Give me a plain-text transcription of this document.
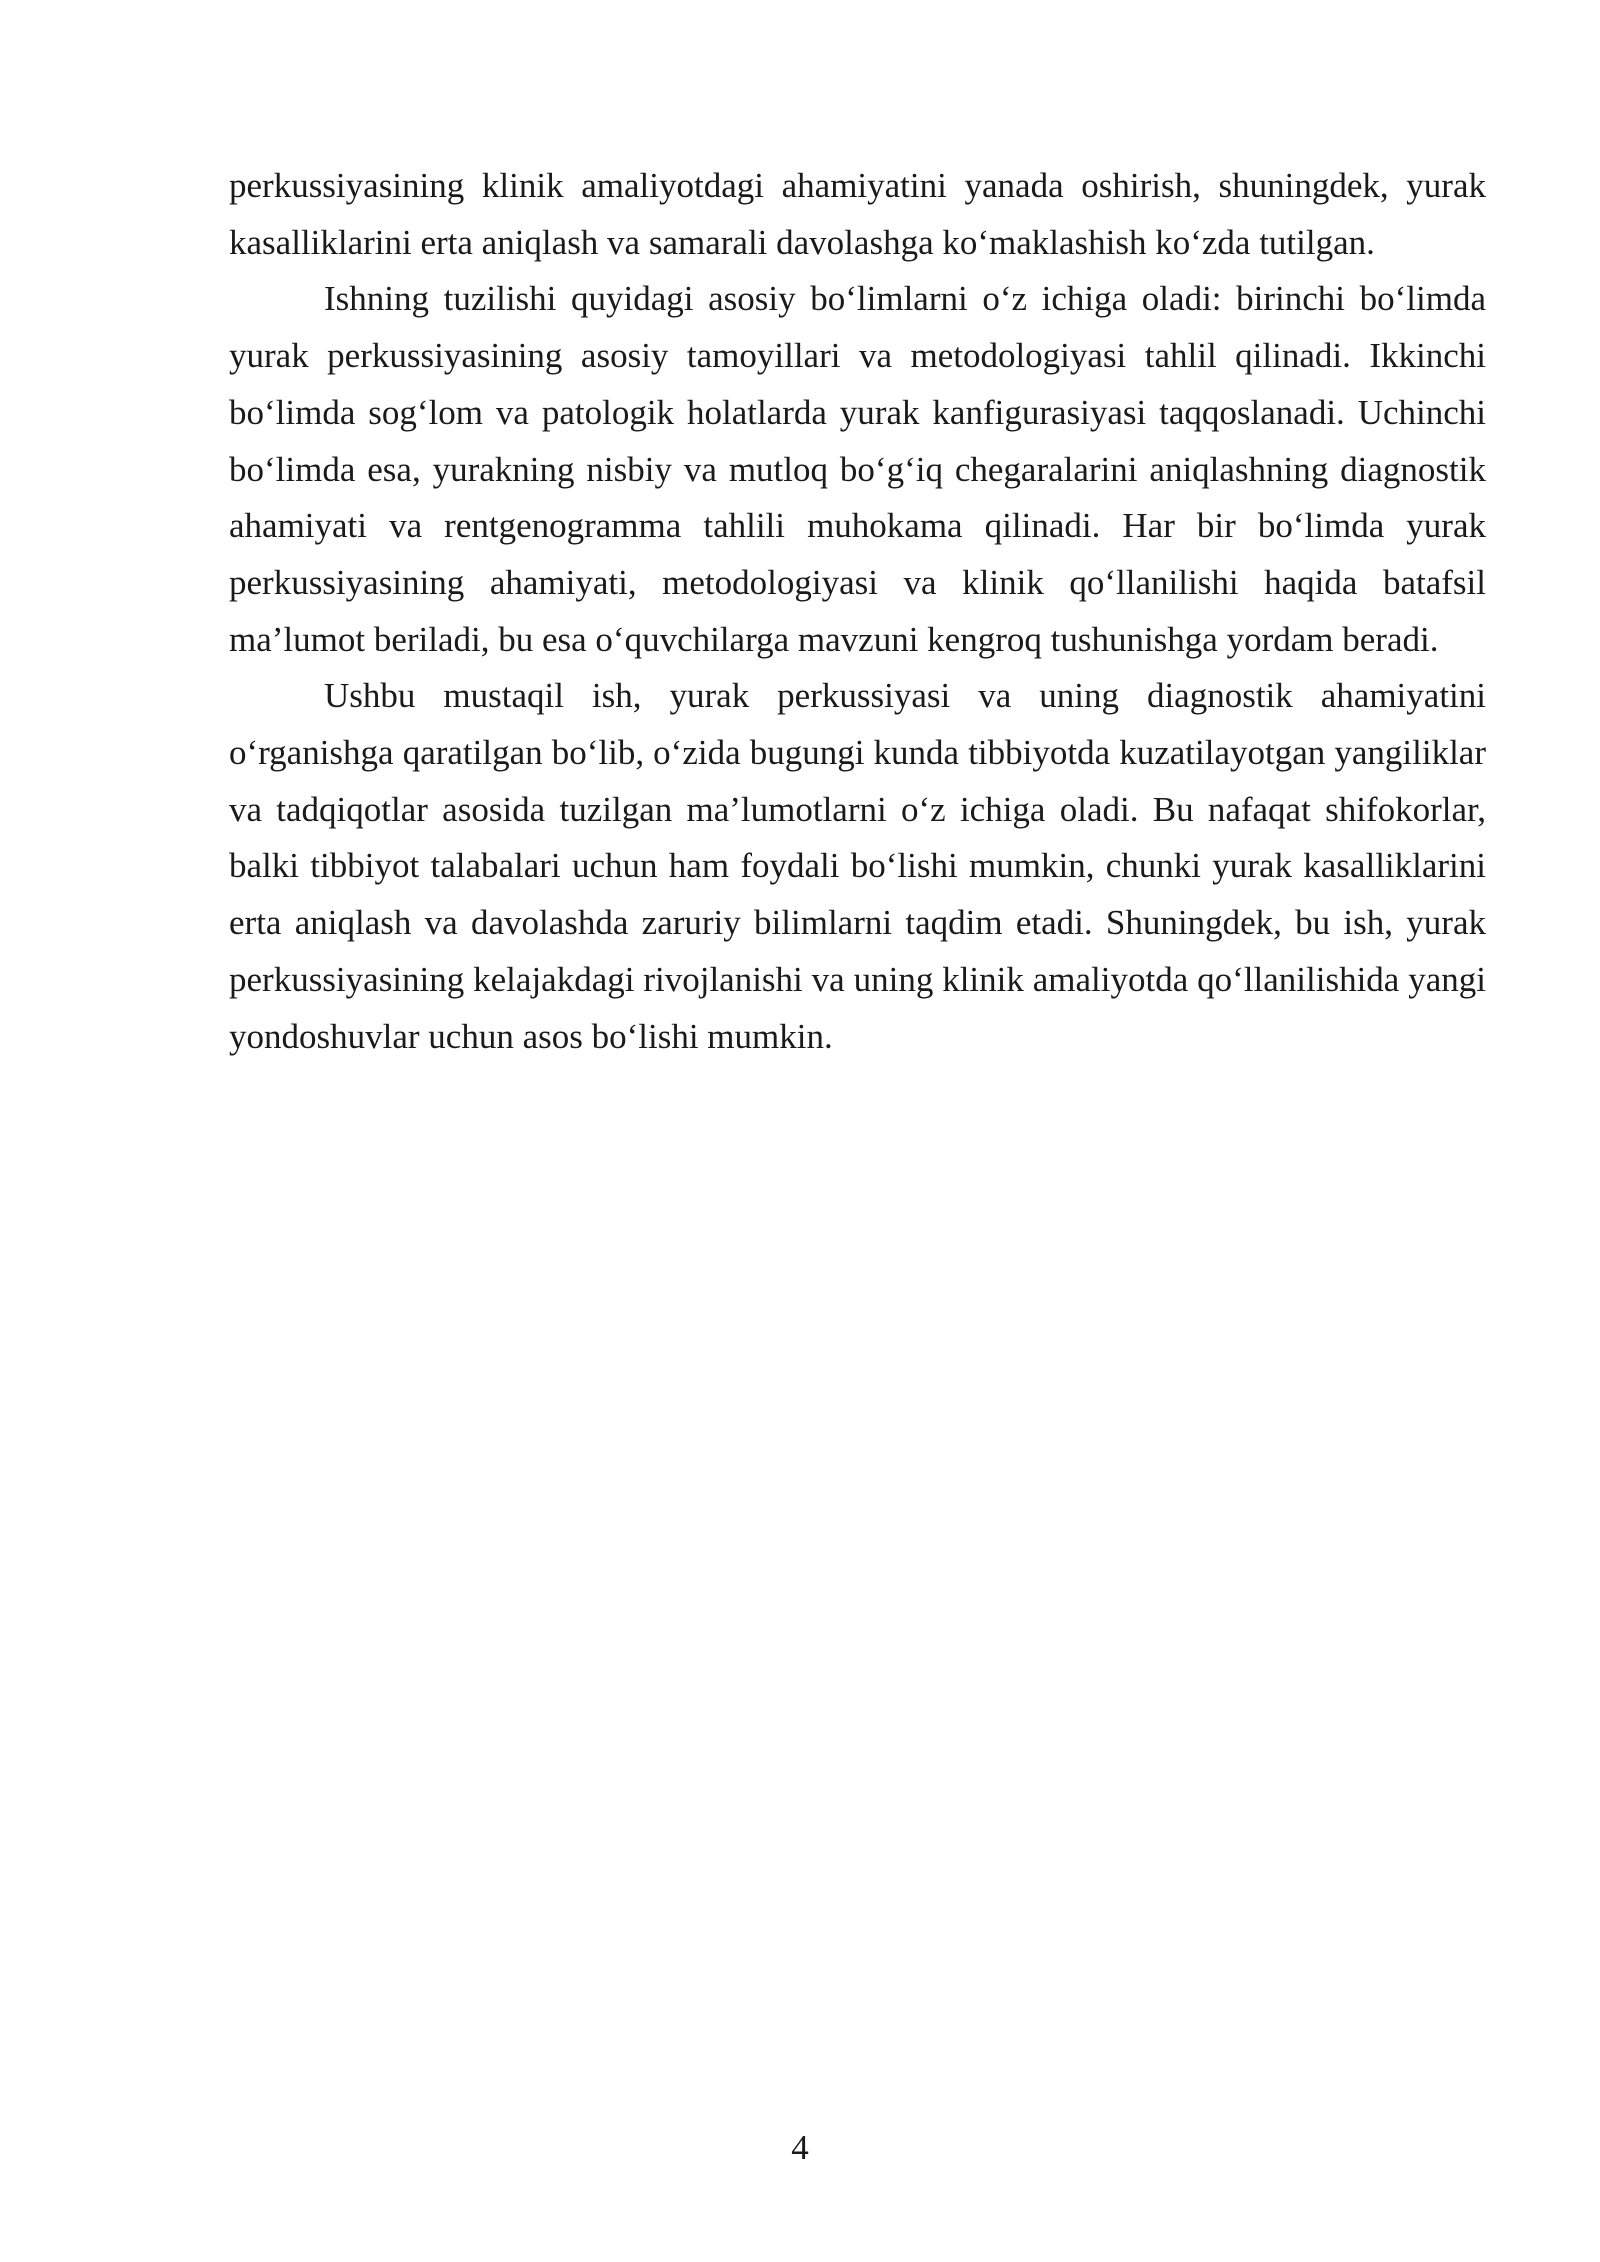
perkussiyasining klinik amaliyotdagi ahamiyatini yanada oshirish, shuningdek, yurak kasalliklarini erta aniqlash va samarali davolashga ko‘maklashish ko‘zda tutilgan.

Ishning tuzilishi quyidagi asosiy bo‘limlarni o‘z ichiga oladi: birinchi bo‘limda yurak perkussiyasining asosiy tamoyillari va metodologiyasi tahlil qilinadi. Ikkinchi bo‘limda sog‘lom va patologik holatlarda yurak kanfigurasiyasi taqqoslanadi. Uchinchi bo‘limda esa, yurakning nisbiy va mutloq bo‘g‘iq chegaralarini aniqlashning diagnostik ahamiyati va rentgenogramma tahlili muhokama qilinadi. Har bir bo‘limda yurak perkussiyasining ahamiyati, metodologiyasi va klinik qo‘llanilishi haqida batafsil ma’lumot beriladi, bu esa o‘quvchilarga mavzuni kengroq tushunishga yordam beradi.

Ushbu mustaqil ish, yurak perkussiyasi va uning diagnostik ahamiyatini o‘rganishga qaratilgan bo‘lib, o‘zida bugungi kunda tibbiyotda kuzatilayotgan yangiliklar va tadqiqotlar asosida tuzilgan ma’lumotlarni o‘z ichiga oladi. Bu nafaqat shifokorlar, balki tibbiyot talabalari uchun ham foydali bo‘lishi mumkin, chunki yurak kasalliklarini erta aniqlash va davolashda zaruriy bilimlarni taqdim etadi. Shuningdek, bu ish, yurak perkussiyasining kelajakdagi rivojlanishi va uning klinik amaliyotda qo‘llanilishida yangi yondoshuvlar uchun asos bo‘lishi mumkin.

4
